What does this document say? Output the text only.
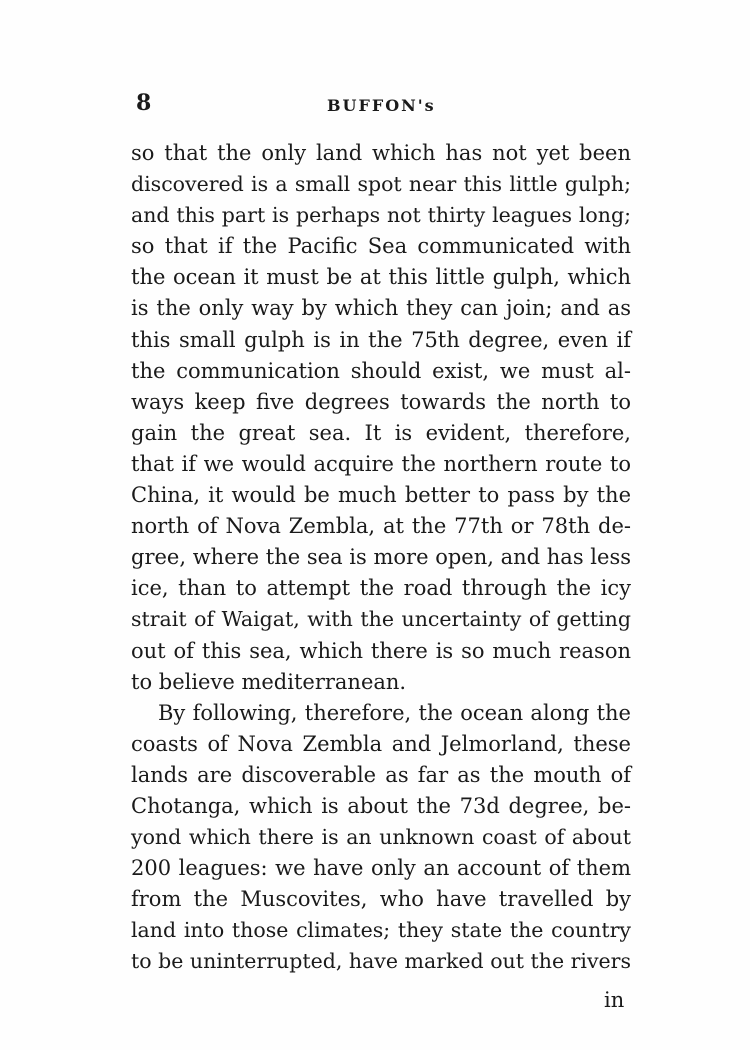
8	BUFFON's
so that the only land which has not yet been
discovered is a small spot near this little gulph;
and this part is perhaps not thirty leagues long;
so that if the Pacific Sea communicated with
the ocean it must be at this little gulph, which
is the only way by which they can join; and as
this small gulph is in the 75th degree, even if
the communication should exist, we must al-
ways keep five degrees towards the north to
gain the great sea. It is evident, therefore,
that if we would acquire the northern route to
China, it would be much better to pass by the
north of Nova Zembla, at the 77th or 78th de-
gree, where the sea is more open, and has less
ice, than to attempt the road through the icy
strait of Waigat, with the uncertainty of getting
out of this sea, which there is so much reason
to believe mediterranean.
By following, therefore, the ocean along the
coasts of Nova Zembla and Jelmorland, these
lands are discoverable as far as the mouth of
Chotanga, which is about the 73d degree, be-
yond which there is an unknown coast of about
200 leagues: we have only an account of them
from the Muscovites, who have travelled by
land into those climates; they state the country
to be uninterrupted, have marked out the rivers
in
